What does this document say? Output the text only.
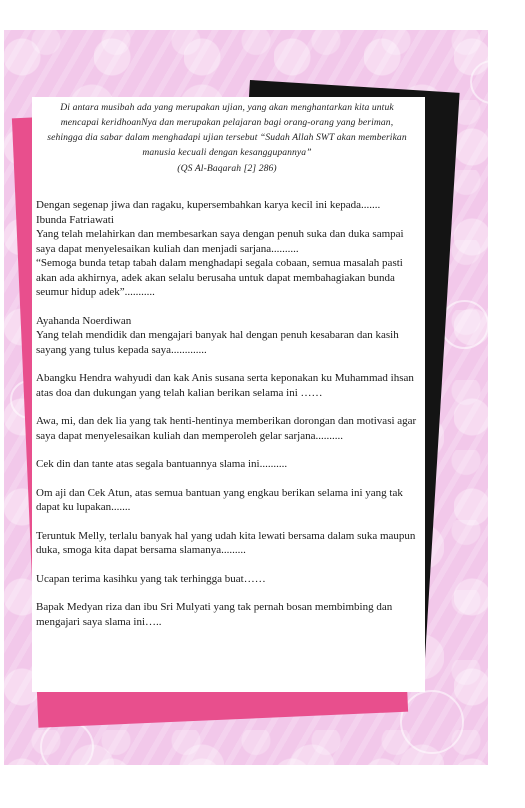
Di antara musibah ada yang merupakan ujian, yang akan menghantarkan kita untuk mencapai keridhoanNya dan merupakan pelajaran bagi orang-orang yang beriman, sehingga dia sabar dalam menghadapi ujian tersebut “Sudah Allah SWT akan memberikan manusia kecuali dengan kesanggupannya”
(QS Al-Baqarah [2] 286)

Dengan segenap jiwa dan ragaku, kupersembahkan karya kecil ini kepada.......

Ibunda Fatriawati

Yang telah melahirkan dan membesarkan saya dengan penuh suka dan duka sampai saya dapat menyelesaikan kuliah dan menjadi sarjana..........

“Semoga bunda tetap tabah dalam menghadapi segala cobaan, semua masalah pasti akan ada akhirnya, adek akan selalu berusaha untuk dapat membahagiakan bunda seumur hidup adek”...........

Ayahanda Noerdiwan

Yang telah mendidik dan mengajari banyak hal dengan penuh kesabaran dan kasih sayang yang tulus kepada saya.............

Abangku Hendra wahyudi dan kak Anis susana serta keponakan ku Muhammad ihsan atas doa dan dukungan yang telah kalian berikan selama ini ……

Awa, mi, dan dek lia yang tak henti-hentinya memberikan dorongan dan motivasi agar saya dapat menyelesaikan kuliah dan memperoleh gelar sarjana..........

Cek din dan tante atas segala bantuannya slama ini..........

Om aji dan Cek Atun, atas semua bantuan yang engkau berikan selama ini yang tak dapat ku lupakan.......

Teruntuk Melly, terlalu banyak hal yang udah kita lewati bersama dalam suka maupun duka, smoga kita dapat bersama slamanya.........

Ucapan terima kasihku yang tak terhingga buat……

Bapak Medyan riza dan ibu Sri Mulyati yang tak pernah bosan membimbing dan mengajari saya slama ini…..
